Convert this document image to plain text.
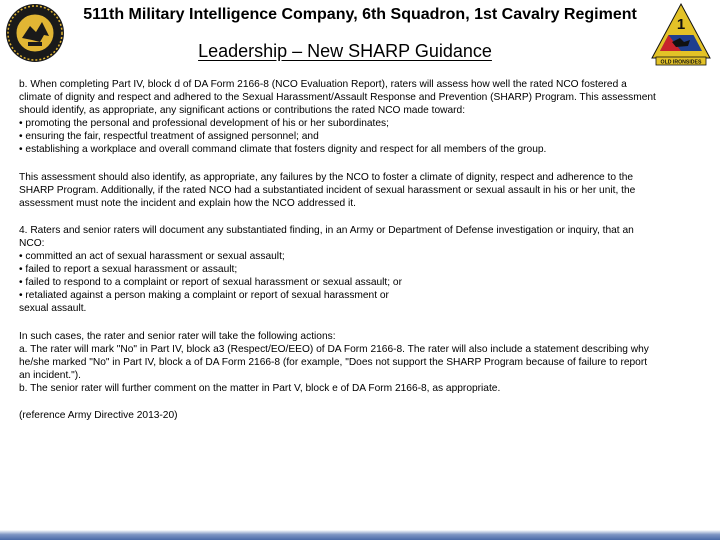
511th Military Intelligence Company, 6th Squadron, 1st Cavalry Regiment
Leadership – New SHARP Guidance
1
OLD IRONSIDES

b. When completing Part IV, block d of DA Form 2166-8 (NCO Evaluation Report), raters will assess how well the rated NCO fostered a
climate of dignity and respect and adhered to the Sexual Harassment/Assault Response and Prevention (SHARP) Program. This assessment
should identify, as appropriate, any significant actions or contributions the rated NCO made toward:
• promoting the personal and professional development of his or her subordinates;
• ensuring the fair, respectful treatment of assigned personnel; and
• establishing a workplace and overall command climate that fosters dignity and respect for all members of the group.

This assessment should also identify, as appropriate, any failures by the NCO to foster a climate of dignity, respect and adherence to the
SHARP Program. Additionally, if the rated NCO had a substantiated incident of sexual harassment or sexual assault in his or her unit, the
assessment must note the incident and explain how the NCO addressed it.

4. Raters and senior raters will document any substantiated finding, in an Army or Department of Defense investigation or inquiry, that an
NCO:
• committed an act of sexual harassment or sexual assault;
• failed to report a sexual harassment or assault;
• failed to respond to a complaint or report of sexual harassment or sexual assault; or
• retaliated against a person making a complaint or report of sexual harassment or
sexual assault.

In such cases, the rater and senior rater will take the following actions:
a. The rater will mark "No" in Part IV, block a3 (Respect/EO/EEO) of DA Form 2166-8. The rater will also include a statement describing why
he/she marked "No" in Part IV, block a of DA Form 2166-8 (for example, "Does not support the SHARP Program because of failure to report
an incident.").
b. The senior rater will further comment on the matter in Part V, block e of DA Form 2166-8, as appropriate.

(reference Army Directive 2013-20)
